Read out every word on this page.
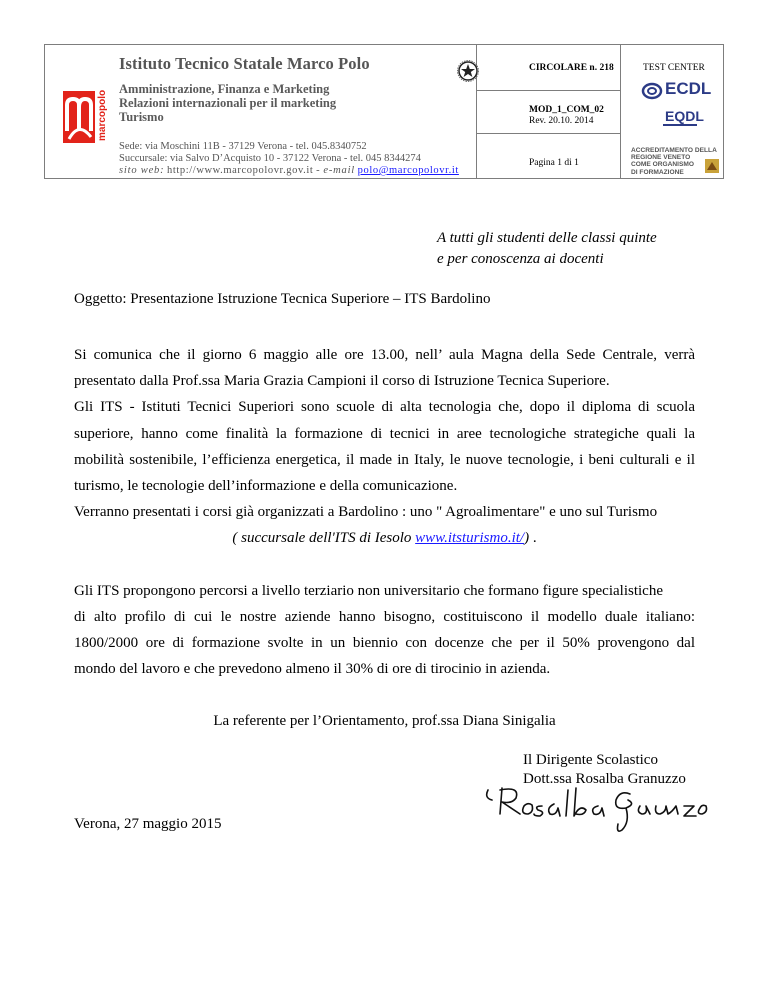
marcopolo
Istituto Tecnico Statale Marco Polo
Amministrazione, Finanza e Marketing
Relazioni internazionali per il marketing
Turismo
Sede: via Moschini 11B - 37129 Verona - tel. 045.8340752
Succursale: via Salvo D’Acquisto 10 - 37122 Verona - tel. 045 8344274
sito web: http://www.marcopolovr.gov.it - e-mail polo@marcopolovr.it
CIRCOLARE n. 218
MOD_1_COM_02
Rev. 20.10. 2014
Pagina 1 di 1
TEST CENTER
ECDL
EQDL
ACCREDITAMENTO DELLA
REGIONE VENETO
COME ORGANISMO
DI FORMAZIONE
A tutti gli studenti delle classi quinte
e per conoscenza ai docenti
Oggetto: Presentazione Istruzione Tecnica Superiore – ITS Bardolino
Si comunica che il giorno 6 maggio alle ore 13.00, nell’ aula Magna della Sede Centrale, verrà
presentato dalla Prof.ssa Maria Grazia Campioni il corso di Istruzione Tecnica Superiore.
Gli ITS - Istituti Tecnici Superiori sono scuole di alta tecnologia che, dopo il diploma di scuola
superiore, hanno come finalità la formazione di tecnici in aree tecnologiche strategiche quali la
mobilità sostenibile, l’efficienza energetica, il made in Italy, le nuove tecnologie, i beni culturali e il
turismo, le tecnologie dell’informazione e della comunicazione.
Verranno presentati i corsi già organizzati a Bardolino : uno " Agroalimentare" e uno sul Turismo
( succursale dell'ITS di Iesolo www.itsturismo.it/) .
Gli ITS propongono percorsi a livello terziario non universitario che formano figure specialistiche
di alto profilo di cui le nostre aziende hanno bisogno, costituiscono il modello duale italiano:
1800/2000 ore di formazione svolte in un biennio con docenze che per il 50% provengono dal
mondo del lavoro e che prevedono almeno il 30% di ore di tirocinio in azienda.
La referente per l’Orientamento, prof.ssa Diana Sinigalia
Il Dirigente Scolastico
Dott.ssa Rosalba Granuzzo
Verona, 27 maggio 2015
